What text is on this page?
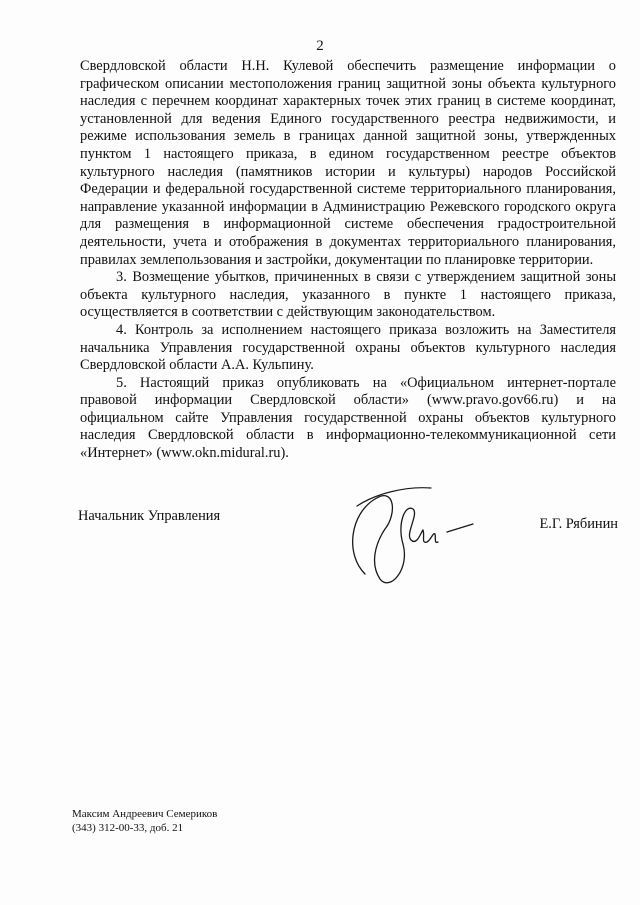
2

Свердловской области Н.Н. Кулевой обеспечить размещение информации о графическом описании местоположения границ защитной зоны объекта культурного наследия с перечнем координат характерных точек этих границ в системе координат, установленной для ведения Единого государственного реестра недвижимости, и режиме использования земель в границах данной защитной зоны, утвержденных пунктом 1 настоящего приказа, в едином государственном реестре объектов культурного наследия (памятников истории и культуры) народов Российской Федерации и федеральной государственной системе территориального планирования, направление указанной информации в Администрацию Режевского городского округа для размещения в информационной системе обеспечения градостроительной деятельности, учета и отображения в документах территориального планирования, правилах землепользования и застройки, документации по планировке территории.

3. Возмещение убытков, причиненных в связи с утверждением защитной зоны объекта культурного наследия, указанного в пункте 1 настоящего приказа, осуществляется в соответствии с действующим законодательством.

4. Контроль за исполнением настоящего приказа возложить на Заместителя начальника Управления государственной охраны объектов культурного наследия Свердловской области А.А. Кульпину.

5. Настоящий приказ опубликовать на «Официальном интернет-портале правовой информации Свердловской области» (www.pravo.gov66.ru) и на официальном сайте Управления государственной охраны объектов культурного наследия Свердловской области в информационно-телекоммуникационной сети «Интернет» (www.okn.midural.ru).

Начальник Управления	Е.Г. Рябинин
Максим Андреевич Семериков
(343) 312-00-33, доб. 21
